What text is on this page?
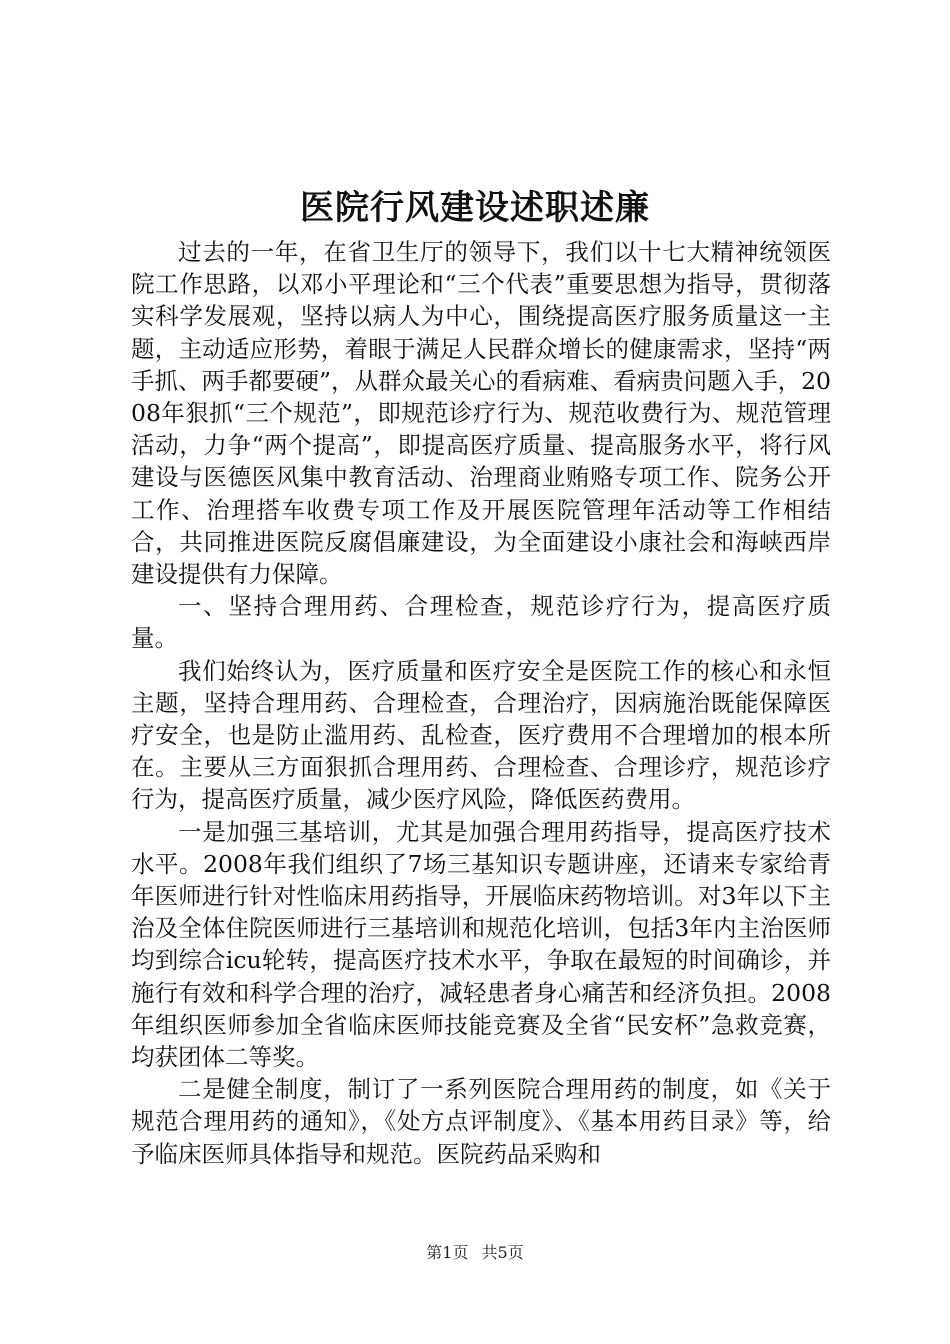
医院行风建设述职述廉

过去的一年，在省卫生厅的领导下，我们以十七大精神统领医院工作思路，以邓小平理论和“三个代表”重要思想为指导，贯彻落实科学发展观，坚持以病人为中心，围绕提高医疗服务质量这一主题，主动适应形势，着眼于满足人民群众增长的健康需求，坚持“两手抓、两手都要硬”，从群众最关心的看病难、看病贵问题入手，2008年狠抓“三个规范”，即规范诊疗行为、规范收费行为、规范管理活动，力争“两个提高”，即提高医疗质量、提高服务水平，将行风建设与医德医风集中教育活动、治理商业贿赂专项工作、院务公开工作、治理搭车收费专项工作及开展医院管理年活动等工作相结合，共同推进医院反腐倡廉建设，为全面建设小康社会和海峡西岸建设提供有力保障。

一、坚持合理用药、合理检查，规范诊疗行为，提高医疗质量。

我们始终认为，医疗质量和医疗安全是医院工作的核心和永恒主题，坚持合理用药、合理检查，合理治疗，因病施治既能保障医疗安全，也是防止滥用药、乱检查，医疗费用不合理增加的根本所在。主要从三方面狠抓合理用药、合理检查、合理诊疗，规范诊疗行为，提高医疗质量，减少医疗风险，降低医药费用。

一是加强三基培训，尤其是加强合理用药指导，提高医疗技术水平。2008年我们组织了7场三基知识专题讲座，还请来专家给青年医师进行针对性临床用药指导，开展临床药物培训。对3年以下主治及全体住院医师进行三基培训和规范化培训，包括3年内主治医师均到综合icu轮转，提高医疗技术水平，争取在最短的时间确诊，并施行有效和科学合理的治疗，减轻患者身心痛苦和经济负担。2008年组织医师参加全省临床医师技能竞赛及全省“民安杯”急救竞赛，均获团体二等奖。

二是健全制度，制订了一系列医院合理用药的制度，如《关于规范合理用药的通知》，《处方点评制度》、《基本用药目录》等，给予临床医师具体指导和规范。医院药品采购和

第1页 共5页
